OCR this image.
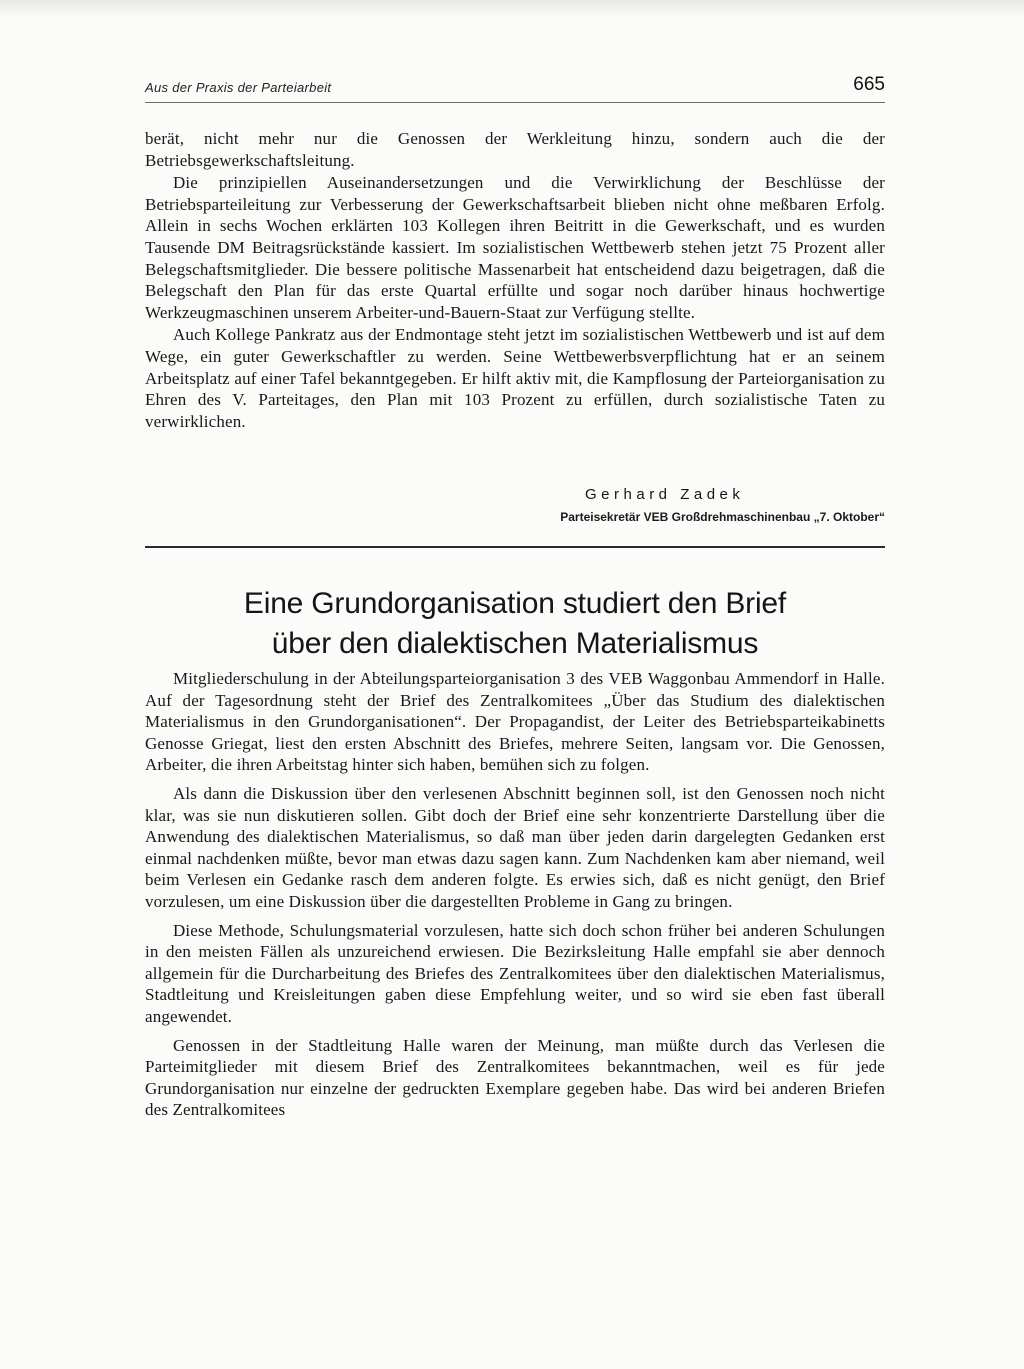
Aus der Praxis der Parteiarbeit	665

berät, nicht mehr nur die Genossen der Werkleitung hinzu, sondern auch die der Betriebsgewerkschaftsleitung.

Die prinzipiellen Auseinandersetzungen und die Verwirklichung der Beschlüsse der Betriebsparteileitung zur Verbesserung der Gewerkschaftsarbeit blieben nicht ohne meßbaren Erfolg. Allein in sechs Wochen erklärten 103 Kollegen ihren Beitritt in die Gewerkschaft, und es wurden Tausende DM Beitragsrückstände kassiert. Im sozialistischen Wettbewerb stehen jetzt 75 Prozent aller Belegschaftsmitglieder. Die bessere politische Massenarbeit hat entscheidend dazu beigetragen, daß die Belegschaft den Plan für das erste Quartal erfüllte und sogar noch darüber hinaus hochwertige Werkzeugmaschinen unserem Arbeiter-und-Bauern-Staat zur Verfügung stellte.

Auch Kollege Pankratz aus der Endmontage steht jetzt im sozialistischen Wettbewerb und ist auf dem Wege, ein guter Gewerkschaftler zu werden. Seine Wettbewerbsverpflichtung hat er an seinem Arbeitsplatz auf einer Tafel bekanntgegeben. Er hilft aktiv mit, die Kampflosung der Parteiorganisation zu Ehren des V. Parteitages, den Plan mit 103 Prozent zu erfüllen, durch sozialistische Taten zu verwirklichen.

Gerhard Zadek
Parteisekretär VEB Großdrehmaschinenbau „7. Oktober“
Eine Grundorganisation studiert den Brief
über den dialektischen Materialismus

Mitgliederschulung in der Abteilungsparteiorganisation 3 des VEB Waggonbau Ammendorf in Halle. Auf der Tagesordnung steht der Brief des Zentralkomitees „Über das Studium des dialektischen Materialismus in den Grundorganisationen“. Der Propagandist, der Leiter des Betriebsparteikabinetts Genosse Griegat, liest den ersten Abschnitt des Briefes, mehrere Seiten, langsam vor. Die Genossen, Arbeiter, die ihren Arbeitstag hinter sich haben, bemühen sich zu folgen.

Als dann die Diskussion über den verlesenen Abschnitt beginnen soll, ist den Genossen noch nicht klar, was sie nun diskutieren sollen. Gibt doch der Brief eine sehr konzentrierte Darstellung über die Anwendung des dialektischen Materialismus, so daß man über jeden darin dargelegten Gedanken erst einmal nachdenken müßte, bevor man etwas dazu sagen kann. Zum Nachdenken kam aber niemand, weil beim Verlesen ein Gedanke rasch dem anderen folgte. Es erwies sich, daß es nicht genügt, den Brief vorzulesen, um eine Diskussion über die dargestellten Probleme in Gang zu bringen.

Diese Methode, Schulungsmaterial vorzulesen, hatte sich doch schon früher bei anderen Schulungen in den meisten Fällen als unzureichend erwiesen. Die Bezirksleitung Halle empfahl sie aber dennoch allgemein für die Durcharbeitung des Briefes des Zentralkomitees über den dialektischen Materialismus, Stadtleitung und Kreisleitungen gaben diese Empfehlung weiter, und so wird sie eben fast überall angewendet.

Genossen in der Stadtleitung Halle waren der Meinung, man müßte durch das Verlesen die Parteimitglieder mit diesem Brief des Zentralkomitees bekanntmachen, weil es für jede Grundorganisation nur einzelne der gedruckten Exemplare gegeben habe. Das wird bei anderen Briefen des Zentralkomitees
